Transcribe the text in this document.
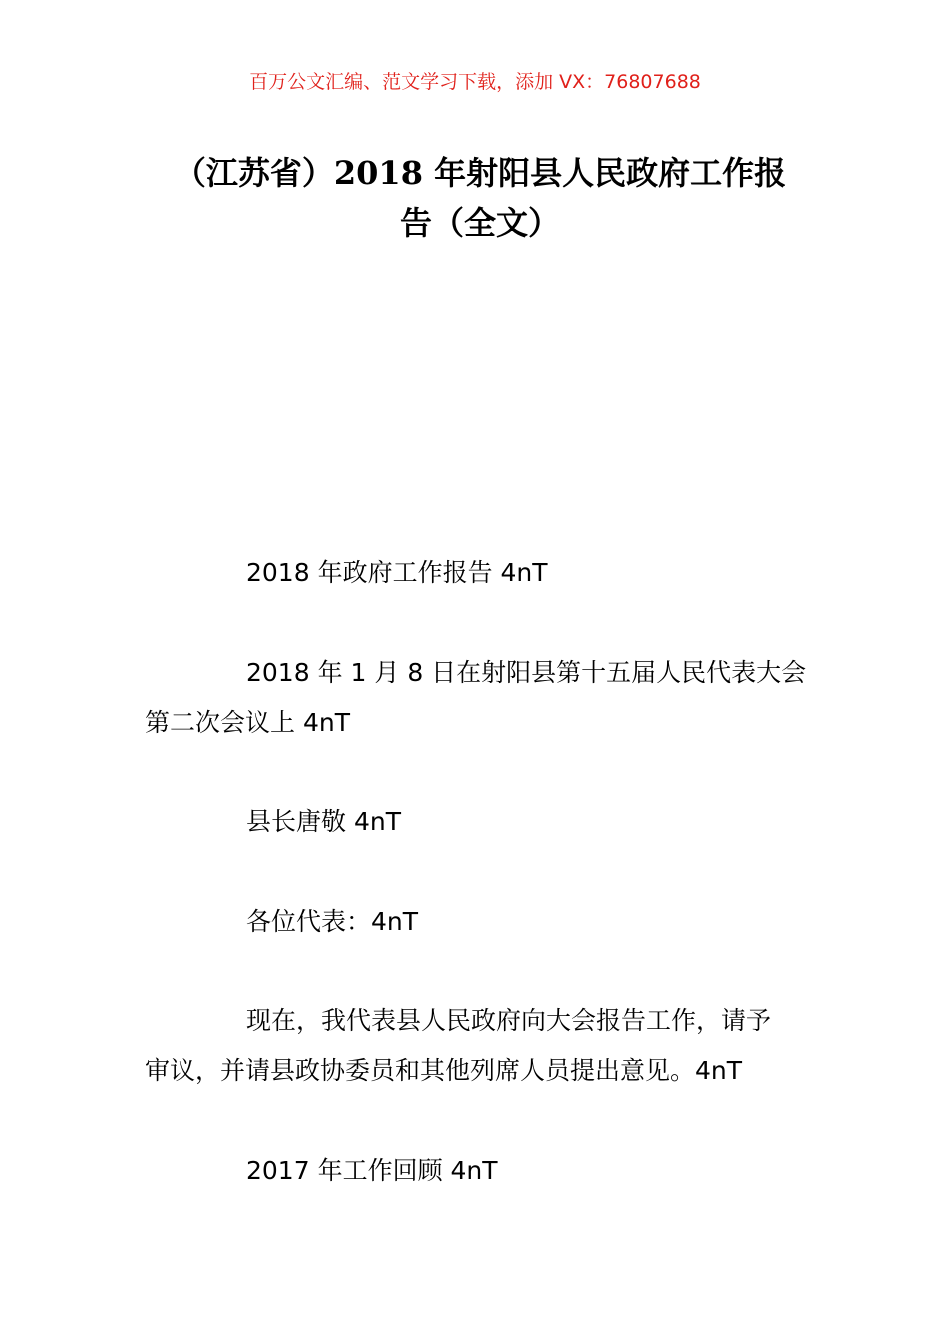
百万公文汇编、范文学习下载，添加 VX：76807688
（江苏省）2018 年射阳县人民政府工作报
告（全文）

2018 年政府工作报告 4nT

2018 年 1 月 8 日在射阳县第十五届人民代表大会
第二次会议上 4nT

县长唐敬 4nT

各位代表：4nT

现在，我代表县人民政府向大会报告工作，请予
审议，并请县政协委员和其他列席人员提出意见。4nT

2017 年工作回顾 4nT
